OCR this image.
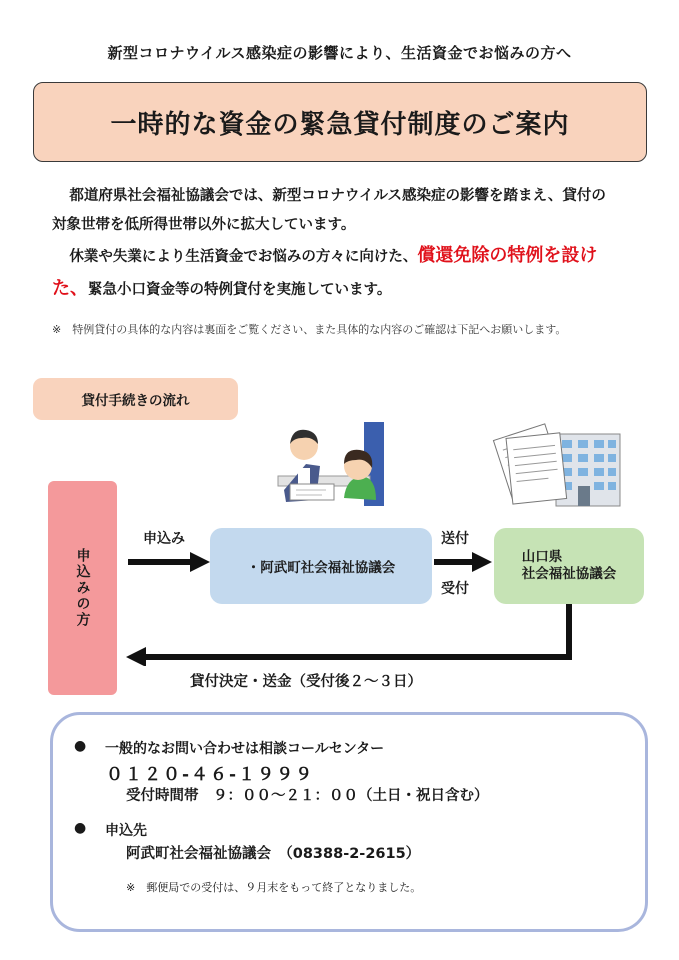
新型コロナウイルス感染症の影響により、生活資金でお悩みの方へ
一時的な資金の緊急貸付制度のご案内
都道府県社会福祉協議会では、新型コロナウイルス感染症の影響を踏まえ、貸付の対象世帯を低所得世帯以外に拡大しています。
休業や失業により生活資金でお悩みの方々に向けた、償還免除の特例を設けた、緊急小口資金等の特例貸付を実施しています。
※　特例貸付の具体的な内容は裏面をご覧ください、また具体的な内容のご確認は下記へお願いします。
貸付手続きの流れ
申込みの方
申込み
・阿武町社会福祉協議会
送付
受付
山口県
社会福祉協議会
貸付決定・送金（受付後２～３日）
● 一般的なお問い合わせは相談コールセンター
０１２０-４６-１９９９
受付時間帯　９：００～２１：００（土日・祝日含む）
● 申込先
阿武町社会福祉協議会　（08388-2-2615）
※　郵便局での受付は、９月末をもって終了となりました。
